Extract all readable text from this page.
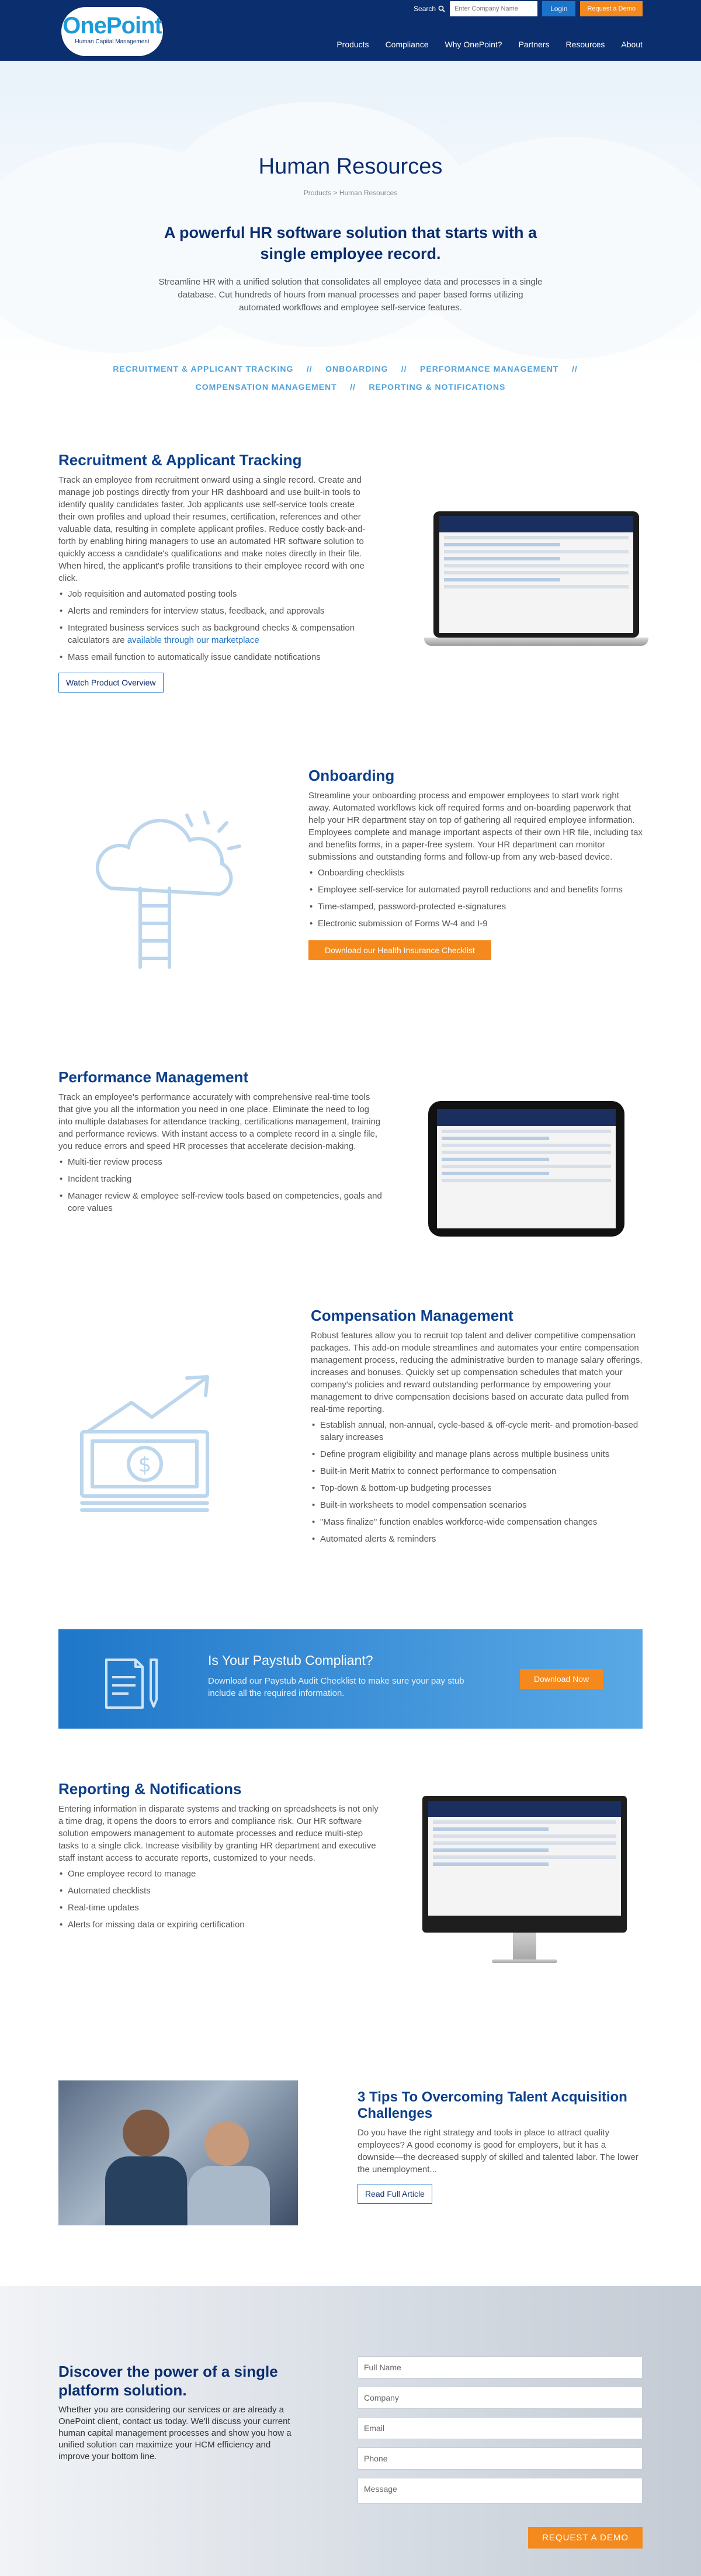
OnePoint
Human Capital Management
Search
Enter Company Name	Login	Request a Demo
Products Compliance Why OnePoint? Partners Resources About
Human Resources
Products > Human Resources
A powerful HR software solution that starts with a single employee record.

Streamline HR with a unified solution that consolidates all employee data and processes in a single database. Cut hundreds of hours from manual processes and paper based forms utilizing automated workflows and employee self-service features.

RECRUITMENT & APPLICANT TRACKING // ONBOARDING // PERFORMANCE MANAGEMENT //
COMPENSATION MANAGEMENT // REPORTING & NOTIFICATIONS
Recruitment & Applicant Tracking

Track an employee from recruitment onward using a single record. Create and manage job postings directly from your HR dashboard and use built-in tools to identify quality candidates faster. Job applicants use self-service tools create their own profiles and upload their resumes, certification, references and other valuable data, resulting in complete applicant profiles. Reduce costly back-and-forth by enabling hiring managers to use an automated HR software solution to quickly access a candidate's qualifications and make notes directly in their file. When hired, the applicant's profile transitions to their employee record with one click.

• Job requisition and automated posting tools
• Alerts and reminders for interview status, feedback, and approvals
• Integrated business services such as background checks & compensation calculators are available through our marketplace
• Mass email function to automatically issue candidate notifications
Watch Product Overview
Onboarding

Streamline your onboarding process and empower employees to start work right away. Automated workflows kick off required forms and on-boarding paperwork that help your HR department stay on top of gathering all required employee information. Employees complete and manage important aspects of their own HR file, including tax and benefits forms, in a paper-free system. Your HR department can monitor submissions and outstanding forms and follow-up from any web-based device.

• Onboarding checklists
• Employee self-service for automated payroll reductions and and benefits forms
• Time-stamped, password-protected e-signatures
• Electronic submission of Forms W-4 and I-9
Download our Health Insurance Checklist
Performance Management

Track an employee's performance accurately with comprehensive real-time tools that give you all the information you need in one place. Eliminate the need to log into multiple databases for attendance tracking, certifications management, training and performance reviews. With instant access to a complete record in a single file, you reduce errors and speed HR processes that accelerate decision-making.

• Multi-tier review process
• Incident tracking
• Manager review & employee self-review tools based on competencies, goals and core values
$
Compensation Management

Robust features allow you to recruit top talent and deliver competitive compensation packages. This add-on module streamlines and automates your entire compensation management process, reducing the administrative burden to manage salary offerings, increases and bonuses. Quickly set up compensation schedules that match your company's policies and reward outstanding performance by empowering your management to drive compensation decisions based on accurate data pulled from real-time reporting.

• Establish annual, non-annual, cycle-based & off-cycle merit- and promotion-based salary increases
• Define program eligibility and manage plans across multiple business units
• Built-in Merit Matrix to connect performance to compensation
• Top-down & bottom-up budgeting processes
• Built-in worksheets to model compensation scenarios
• "Mass finalize" function enables workforce-wide compensation changes
• Automated alerts & reminders
Is Your Paystub Compliant?

Download our Paystub Audit Checklist to make sure your pay stub include all the required information.

Download Now
Reporting & Notifications

Entering information in disparate systems and tracking on spreadsheets is not only a time drag, it opens the doors to errors and compliance risk. Our HR software solution empowers management to automate processes and reduce multi-step tasks to a single click. Increase visibility by granting HR department and executive staff instant access to accurate reports, customized to your needs.

• One employee record to manage
• Automated checklists
• Real-time updates
• Alerts for missing data or expiring certification
3 Tips To Overcoming Talent Acquisition Challenges

Do you have the right strategy and tools in place to attract quality employees? A good economy is good for employers, but it has a downside—the decreased supply of skilled and talented labor. The lower the unemployment...

Read Full Article
Discover the power of a single platform solution.

Whether you are considering our services or are already a OnePoint client, contact us today. We'll discuss your current human capital management processes and show you how a unified solution can maximize your HCM efficiency and improve your bottom line.

Full Name
Company
Email
Phone
Message
REQUEST A DEMO
